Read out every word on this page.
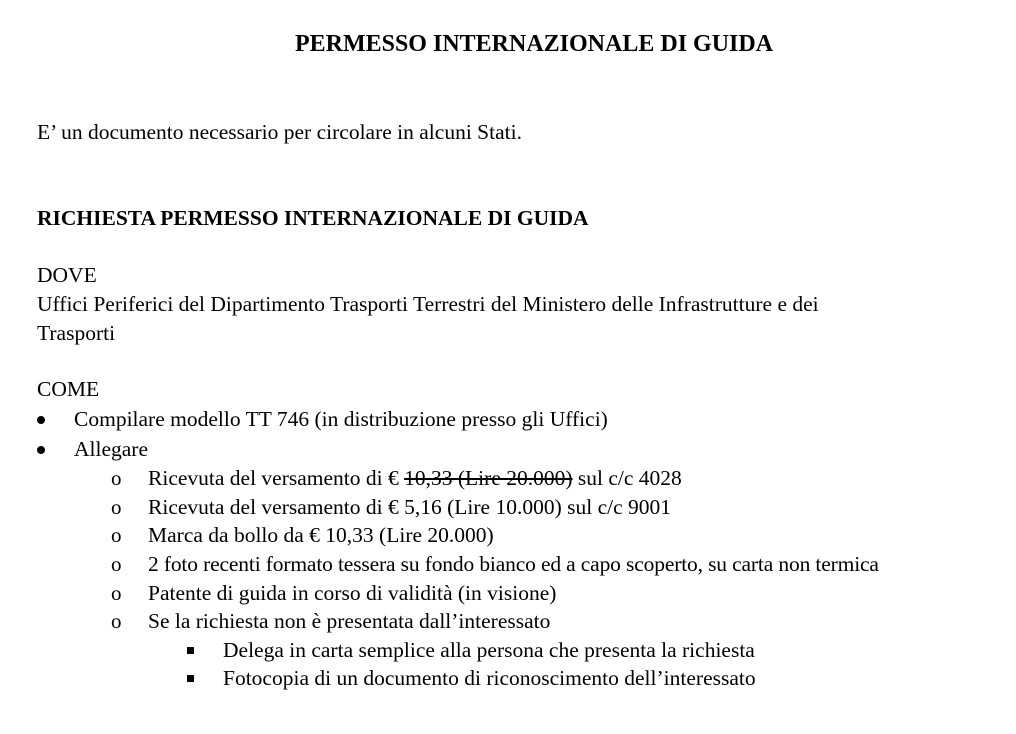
PERMESSO INTERNAZIONALE DI GUIDA
E’ un documento necessario per circolare in alcuni Stati.
RICHIESTA PERMESSO INTERNAZIONALE DI GUIDA
DOVE
Uffici Periferici del Dipartimento Trasporti Terrestri del Ministero delle Infrastrutture e dei
Trasporti
COME
Compilare modello TT 746 (in distribuzione presso gli Uffici)
Allegare
o Ricevuta del versamento di € 10,33 (Lire 20.000) sul c/c 4028
o Ricevuta del versamento di € 5,16 (Lire 10.000) sul c/c 9001
o Marca da bollo da € 10,33 (Lire 20.000)
o 2 foto recenti formato tessera su fondo bianco ed a capo scoperto, su carta non termica
o Patente di guida in corso di validità (in visione)
o Se la richiesta non è presentata dall’interessato
Delega in carta semplice alla persona che presenta la richiesta
Fotocopia di un documento di riconoscimento dell’interessato
